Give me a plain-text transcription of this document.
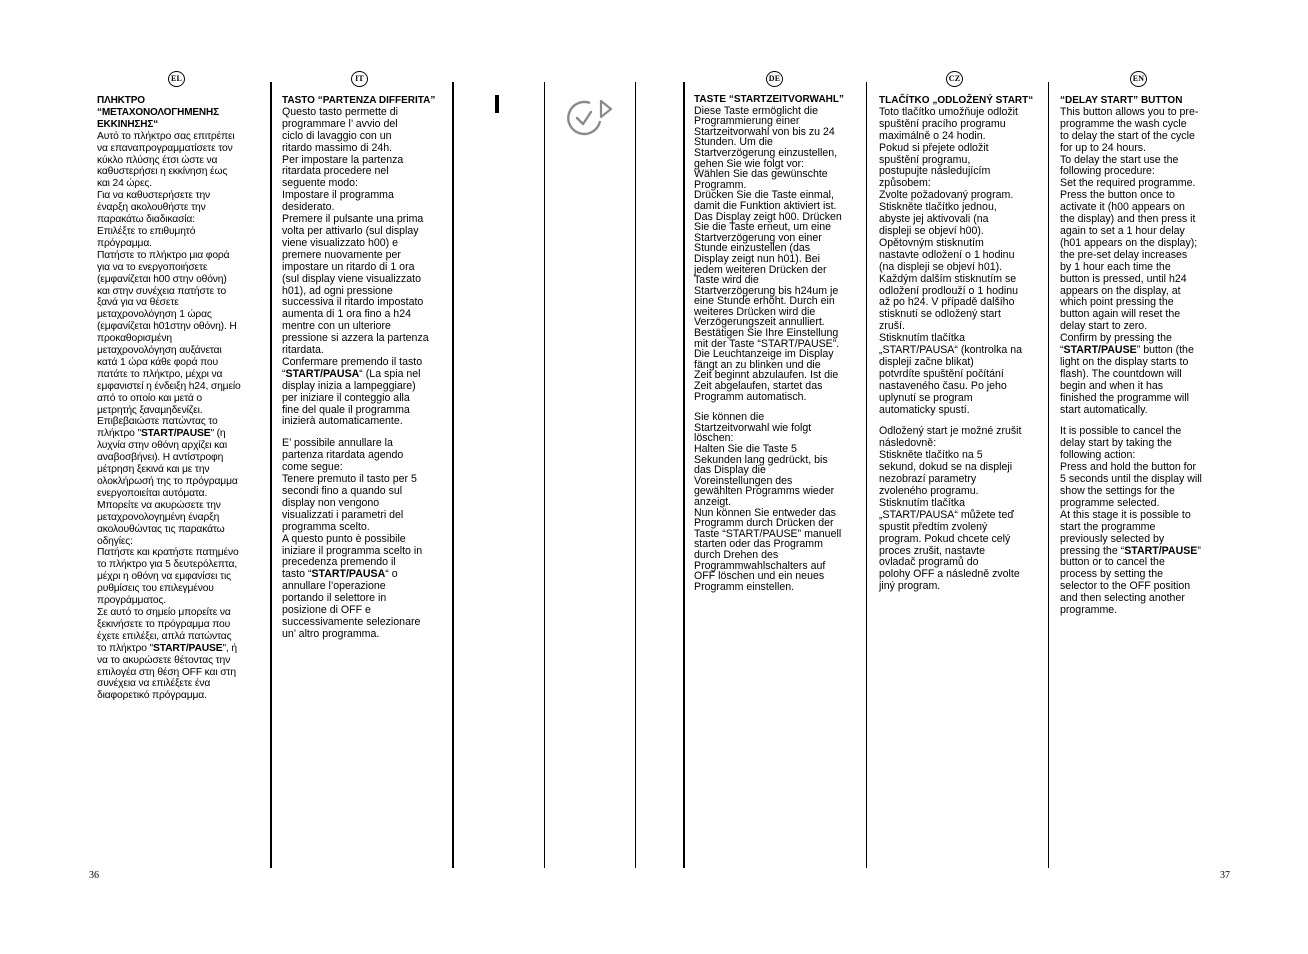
EL	IT	DE	CZ	EN

ΠΛΗΚΤΡΟ
“ΜΕΤΑΧΟΝΟΛΟΓΗΜΕΝΗΣ
ΕΚΚΙΝΗΣΗΣ“

Αυτό το πλήκτρο σας επιτρέπει
να επαναπρογραμματίσετε τον
κύκλο πλύσης έτσι ώστε να
καθυστερήσει η εκκίνηση έως
και 24 ώρες.
Για να καθυστερήσετε την
έναρξη ακολουθήστε την
παρακάτω διαδικασία:
Επιλέξτε το επιθυμητό
πρόγραμμα.
Πατήστε το πλήκτρο μια φορά
για να το ενεργοποιήσετε
(εμφανίζεται h00 στην οθόνη)
και στην συνέχεια πατήστε το
ξανά για να θέσετε
μεταχρονολόγηση 1 ώρας
(εμφανίζεται h01στην οθόνη). Η
προκαθορισμένη
μεταχρονολόγηση αυξάνεται
κατά 1 ώρα κάθε φορά που
πατάτε το πλήκτρο, μέχρι να
εμφανιστεί η ένδειξη h24, σημείο
από το οποίο και μετά ο
μετρητής ξαναμηδενίζει.
Επιβεβαιώστε πατώντας το
πλήκτρο "START/PAUSE" (η
λυχνία στην οθόνη αρχίζει και
αναβοσβήνει). Η αντίστροφη
μέτρηση ξεκινά και με την
ολοκλήρωσή της το πρόγραμμα
ενεργοποιείται αυτόματα.
Μπορείτε να ακυρώσετε την
μεταχρονολογημένη έναρξη
ακολουθώντας τις παρακάτω
οδηγίες:
Πατήστε και κρατήστε πατημένο
το πλήκτρο για 5 δευτερόλεπτα,
μέχρι η οθόνη να εμφανίσει τις
ρυθμίσεις του επιλεγμένου
προγράμματος.
Σε αυτό το σημείο μπορείτε να
ξεκινήσετε το πρόγραμμα που
έχετε επιλέξει, απλά πατώντας
το πλήκτρο "START/PAUSE", ή
να το ακυρώσετε θέτοντας την
επιλογέα στη θέση OFF και στη
συνέχεια να επιλέξετε ένα
διαφορετικό πρόγραμμα.

TASTO “PARTENZA DIFFERITA”
Questo tasto permette di
programmare l’ avvio del
ciclo di lavaggio con un
ritardo massimo di 24h.
Per impostare la partenza
ritardata procedere nel
seguente modo:
Impostare il programma
desiderato.
Premere il pulsante una prima
volta per attivarlo (sul display
viene visualizzato h00) e
premere nuovamente per
impostare un ritardo di 1 ora
(sul display viene visualizzato
h01), ad ogni pressione
successiva il ritardo impostato
aumenta di 1 ora fino a h24
mentre con un ulteriore
pressione si azzera la partenza
ritardata.

Confermare premendo il tasto
“START/PAUSA“ (La spia nel
display inizia a lampeggiare)
per iniziare il conteggio alla
fine del quale il programma
inizierà automaticamente.

E’ possibile annullare la
partenza ritardata agendo
come segue:
Tenere premuto il tasto per 5
secondi fino a quando sul
display non vengono
visualizzati i parametri del
programma scelto.
A questo punto è possibile
iniziare il programma scelto in
precedenza premendo il
tasto “START/PAUSA“ o
annullare l’operazione
portando il selettore in
posizione di OFF e
successivamente selezionare
un’ altro programma.

TASTE “STARTZEITVORWAHL”
Diese Taste ermöglicht die
Programmierung einer
Startzeitvorwahl von bis zu 24
Stunden. Um die
Startverzögerung einzustellen,
gehen Sie wie folgt vor:
Wählen Sie das gewünschte
Programm.
Drücken Sie die Taste einmal,
damit die Funktion aktiviert ist.
Das Display zeigt h00. Drücken
Sie die Taste erneut, um eine
Startverzögerung von einer
Stunde einzustellen (das
Display zeigt nun h01). Bei
jedem weiteren Drücken der
Taste wird die
Startverzögerung bis h24um je
eine Stunde erhöht. Durch ein
weiteres Drücken wird die
Verzögerungszeit annulliert.

Bestätigen Sie Ihre Einstellung
mit der Taste “START/PAUSE”.
Die Leuchtanzeige im Display
fängt an zu blinken und die
Zeit beginnt abzulaufen. Ist die
Zeit abgelaufen, startet das
Programm automatisch.

Sie können die
Startzeitvorwahl wie folgt
löschen:
Halten Sie die Taste 5
Sekunden lang gedrückt, bis
das Display die
Voreinstellungen des
gewählten Programms wieder
anzeigt.
Nun können Sie entweder das
Programm durch Drücken der
Taste “START/PAUSE” manuell
starten oder das Programm
durch Drehen des
Programmwahlschalters auf
OFF löschen und ein neues
Programm einstellen.

TLAČÍTKO „ODLOŽENÝ START“
Toto tlačítko umožňuje odložit
spuštění pracího programu
maximálně o 24 hodin.
Pokud si přejete odložit
spuštění programu,
postupujte následujícím
způsobem:
Zvolte požadovaný program.
Stiskněte tlačítko jednou,
abyste jej aktivovali (na
displeji se objeví h00).
Opětovným stisknutím
nastavte odložení o 1 hodinu
(na displeji se objeví h01).
Každým dalším stisknutím se
odložení prodlouží o 1 hodinu
až po h24. V případě dalšího
stisknutí se odložený start
zruší.

Stisknutím tlačítka
„START/PAUSA“ (kontrolka na
displeji začne blikat)
potvrdíte spuštění počítání
nastaveného času. Po jeho
uplynutí se program
automaticky spustí.

Odložený start je možné zrušit
následovně:
Stiskněte tlačítko na 5
sekund, dokud se na displeji
nezobrazí parametry
zvoleného programu.
Stisknutím tlačítka
„START/PAUSA“ můžete teď
spustit předtím zvolený
program. Pokud chcete celý
proces zrušit, nastavte
ovladač programů do
polohy OFF a následně zvolte
jiný program.

“DELAY START” BUTTON
This button allows you to pre-
programme the wash cycle
to delay the start of the cycle
for up to 24 hours.
To delay the start use the
following procedure:
Set the required programme.
Press the button once to
activate it (h00 appears on
the display) and then press it
again to set a 1 hour delay
(h01 appears on the display);
the pre-set delay increases
by 1 hour each time the
button is pressed, until h24
appears on the display, at
which point pressing the
button again will reset the
delay start to zero.

Confirm by pressing the
“START/PAUSE” button (the
light on the display starts to
flash). The countdown will
begin and when it has
finished the programme will
start automatically.

It is possible to cancel the
delay start by taking the
following action:
Press and hold the button for
5 seconds until the display will
show the settings for the
programme selected.
At this stage it is possible to
start the programme
previously selected by
pressing the “START/PAUSE”
button or to cancel the
process by setting the
selector to the OFF position
and then selecting another
programme.

36	37
